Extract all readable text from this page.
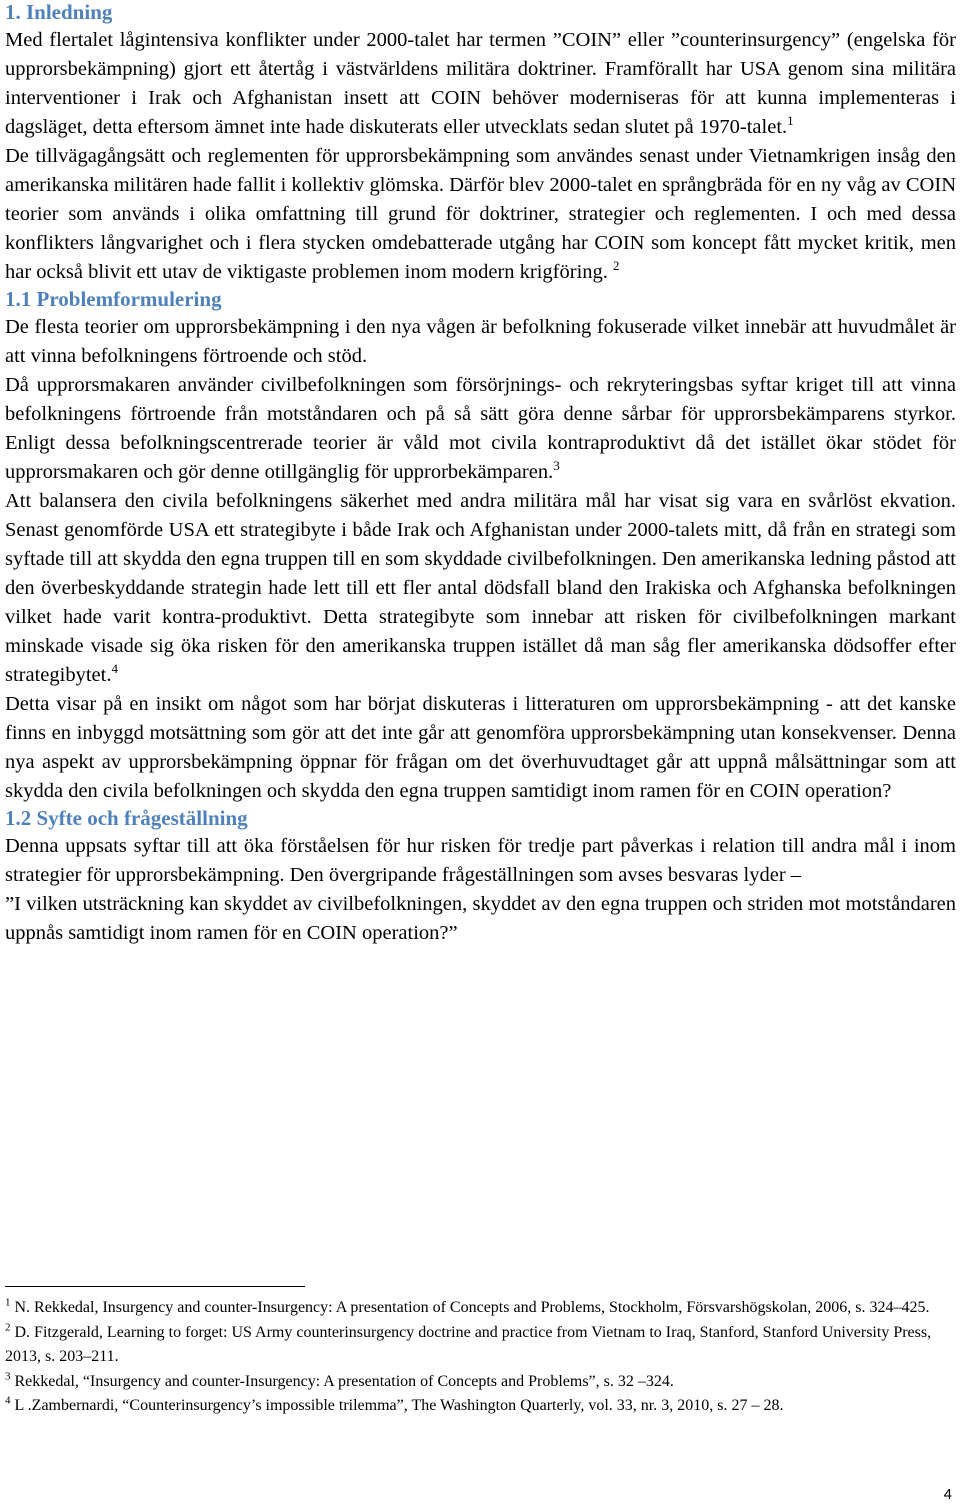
1. Inledning

Med flertalet lågintensiva konflikter under 2000-talet har termen ”COIN” eller ”counterinsurgency” (engelska för upprorsbekämpning) gjort ett återtåg i västvärldens militära doktriner. Framförallt har USA genom sina militära interventioner i Irak och Afghanistan insett att COIN behöver moderniseras för att kunna implementeras i dagsläget, detta eftersom ämnet inte hade diskuterats eller utvecklats sedan slutet på 1970-talet.$^1$

De tillvägagångsätt och reglementen för upprorsbekämpning som användes senast under Vietnamkrigen insåg den amerikanska militären hade fallit i kollektiv glömska. Därför blev 2000-talet en språngbräda för en ny våg av COIN teorier som används i olika omfattning till grund för doktriner, strategier och reglementen. I och med dessa konflikters långvarighet och i flera stycken omdebatterade utgång har COIN som koncept fått mycket kritik, men har också blivit ett utav de viktigaste problemen inom modern krigföring. $^2$

1.1 Problemformulering

De flesta teorier om upprorsbekämpning i den nya vågen är befolkning fokuserade vilket innebär att huvudmålet är att vinna befolkningens förtroende och stöd.

Då upprorsmakaren använder civilbefolkningen som försörjnings- och rekryteringsbas syftar kriget till att vinna befolkningens förtroende från motståndaren och på så sätt göra denne sårbar för upprorsbekämparens styrkor. Enligt dessa befolkningscentrerade teorier är våld mot civila kontraproduktivt då det istället ökar stödet för upprorsmakaren och gör denne otillgänglig för upprorbekämparen.$^3$

Att balansera den civila befolkningens säkerhet med andra militära mål har visat sig vara en svårlöst ekvation. Senast genomförde USA ett strategibyte i både Irak och Afghanistan under 2000-talets mitt, då från en strategi som syftade till att skydda den egna truppen till en som skyddade civilbefolkningen. Den amerikanska ledning påstod att den överbeskyddande strategin hade lett till ett fler antal dödsfall bland den Irakiska och Afghanska befolkningen vilket hade varit kontra-produktivt. Detta strategibyte som innebar att risken för civilbefolkningen markant minskade visade sig öka risken för den amerikanska truppen istället då man såg fler amerikanska dödsoffer efter strategibytet.$^4$

Detta visar på en insikt om något som har börjat diskuteras i litteraturen om upprorsbekämpning - att det kanske finns en inbyggd motsättning som gör att det inte går att genomföra upprorsbekämpning utan konsekvenser. Denna nya aspekt av upprorsbekämpning öppnar för frågan om det överhuvudtaget går att uppnå målsättningar som att skydda den civila befolkningen och skydda den egna truppen samtidigt inom ramen för en COIN operation?

1.2 Syfte och frågeställning

Denna uppsats syftar till att öka förståelsen för hur risken för tredje part påverkas i relation till andra mål i inom strategier för upprorsbekämpning. Den övergripande frågeställningen som avses besvaras lyder –

”I vilken utsträckning kan skyddet av civilbefolkningen, skyddet av den egna truppen och striden mot motståndaren uppnås samtidigt inom ramen för en COIN operation?”

$^1$ N. Rekkedal, Insurgency and counter-Insurgency: A presentation of Concepts and Problems, Stockholm, Försvarshögskolan, 2006, s. 324–425.

$^2$ D. Fitzgerald, Learning to forget: US Army counterinsurgency doctrine and practice from Vietnam to Iraq, Stanford, Stanford University Press, 2013, s. 203–211.

$^3$ Rekkedal, “Insurgency and counter-Insurgency: A presentation of Concepts and Problems”, s. 32 –324.

$^4$ L .Zambernardi, “Counterinsurgency’s impossible trilemma”, The Washington Quarterly, vol. 33, nr. 3, 2010, s. 27 – 28.

4
